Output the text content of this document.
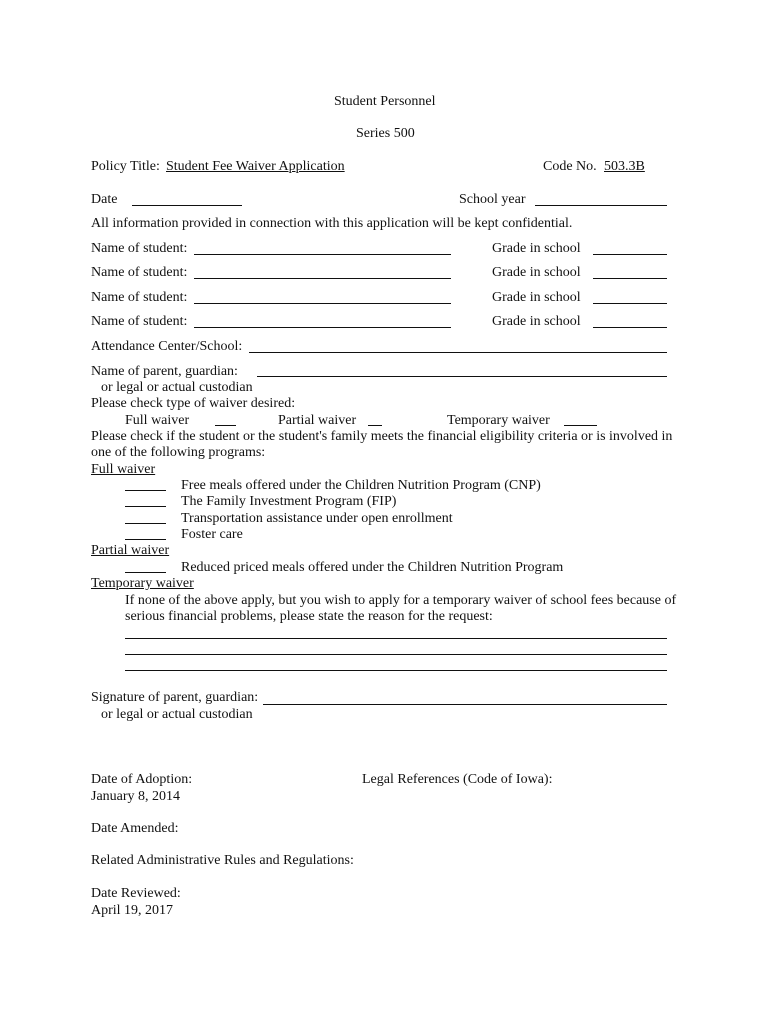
Student Personnel
Series 500
Policy Title: Student Fee Waiver Application	Code No. 503.3B
Date	School year
All information provided in connection with this application will be kept confidential.
Name of student:	Grade in school
Name of student:	Grade in school
Name of student:	Grade in school
Name of student:	Grade in school
Attendance Center/School:
Name of parent, guardian:
or legal or actual custodian
Please check type of waiver desired:
Full waiver	Partial waiver	Temporary waiver
Please check if the student or the student's family meets the financial eligibility criteria or is involved in
one of the following programs:
Full waiver
Free meals offered under the Children Nutrition Program (CNP)
The Family Investment Program (FIP)
Transportation assistance under open enrollment
Foster care
Partial waiver
Reduced priced meals offered under the Children Nutrition Program
Temporary waiver
If none of the above apply, but you wish to apply for a temporary waiver of school fees because of
serious financial problems, please state the reason for the request:
Signature of parent, guardian:
or legal or actual custodian
Date of Adoption:
January 8, 2014
Legal References (Code of Iowa):
Date Amended:
Related Administrative Rules and Regulations:
Date Reviewed:
April 19, 2017
